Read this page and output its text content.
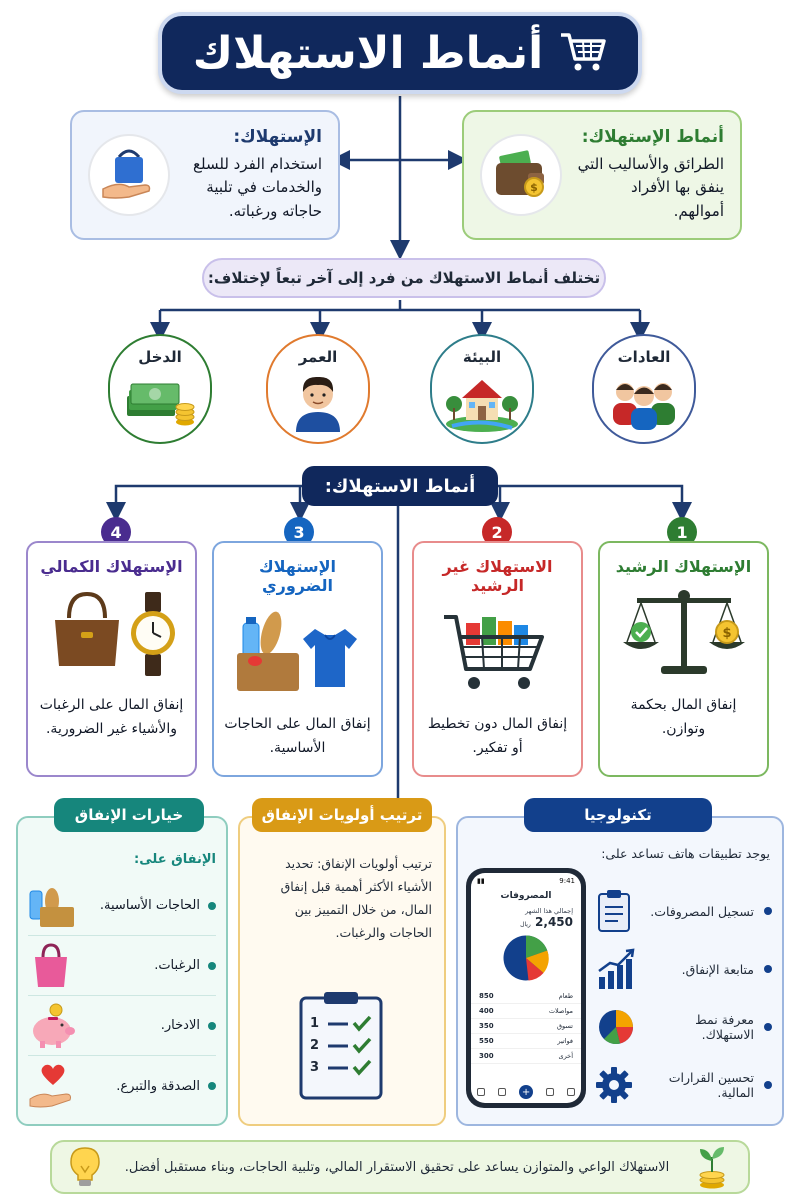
أنماط الاستهلاك
أنماط الإستهلاك:
الطرائق والأساليب التي ينفق بها الأفراد أموالهم.
$
الإستهلاك:
استخدام الفرد للسلع والخدمات في تلبية حاجاته ورغباته.
تختلف أنماط الاستهلاك من فرد إلى آخر تبعاً لإختلاف:
العادات
البيئة
العمر
الدخل
أنماط الاستهلاك:
1
2
3
4
الإستهلاك الرشيد
$
إنفاق المال بحكمة وتوازن.
الاستهلاك غير الرشيد
إنفاق المال دون تخطيط أو تفكير.
الإستهلاك الضروري
إنفاق المال على الحاجات الأساسية.
الإستهلاك الكمالي
إنفاق المال على الرغبات والأشياء غير الضرورية.
تكنولوجيا
يوجد تطبيقات هاتف تساعد على:
تسجيل المصروفات.
متابعة الإنفاق.
معرفة نمط الاستهلاك.
تحسين القرارات المالية.
9:41
▮▮
المصروفات
إجمالي هذا الشهر
2,450 ريال
طعام
850
مواصلات
400
تسوق
350
فواتير
550
أخرى
300
+
ترتيب أولويات الإنفاق
ترتيب أولويات الإنفاق: تحديد الأشياء الأكثر أهمية قبل إنفاق المال، من خلال التمييز بين الحاجات والرغبات.
1
2
3
خيارات الإنفاق
الإنفاق على:
الحاجات الأساسية.
الرغبات.
الادخار.
الصدقة والتبرع.
الاستهلاك الواعي والمتوازن يساعد على تحقيق الاستقرار المالي، وتلبية الحاجات، وبناء مستقبل أفضل.
